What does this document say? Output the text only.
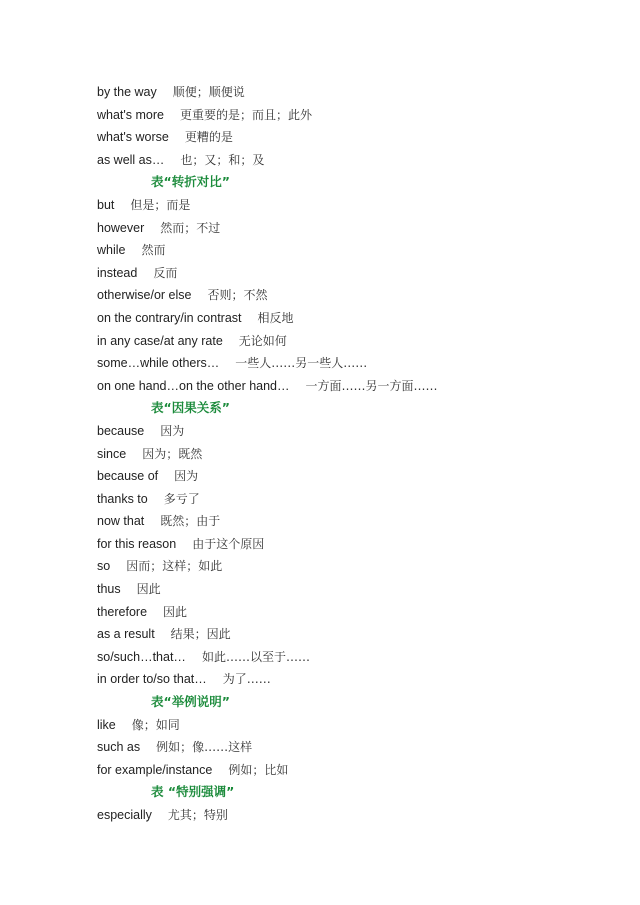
by the way 顺便；顺便说
what's more 更重要的是；而且；此外
what's worse 更糟的是
as well as… 也；又；和；及
表“转折对比”
but 但是；而是
however 然而；不过
while 然而
instead 反而
otherwise/or else 否则；不然
on the contrary/in contrast 相反地
in any case/at any rate 无论如何
some…while others… 一些人……另一些人……
on one hand…on the other hand… 一方面……另一方面……
表“因果关系”
because 因为
since 因为；既然
because of 因为
thanks to 多亏了
now that 既然；由于
for this reason 由于这个原因
so 因而；这样；如此
thus 因此
therefore 因此
as a result 结果；因此
so/such…that… 如此……以至于……
in order to/so that… 为了……
表“举例说明”
like 像；如同
such as 例如；像……这样
for example/instance 例如；比如
表 “特别强调”
especially 尤其；特别
